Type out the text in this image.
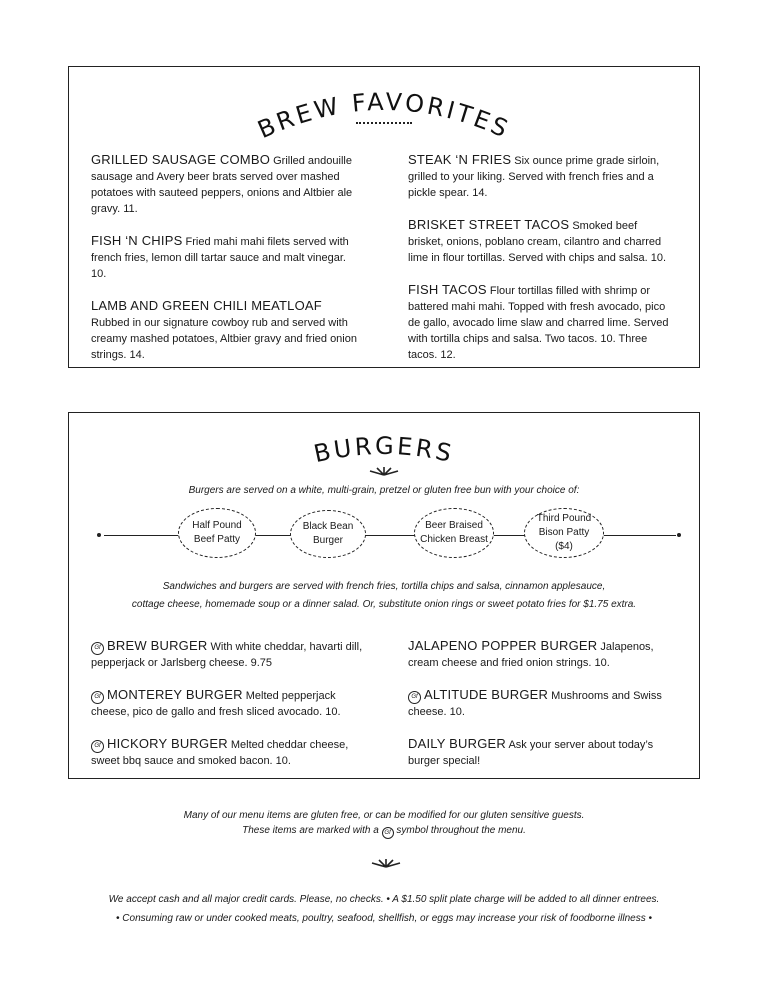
BREW FAVORITES
GRILLED SAUSAGE COMBO Grilled andouille sausage and Avery beer brats served over mashed potatoes with sauteed peppers, onions and Altbier ale gravy. 11.
FISH ‘N CHIPS Fried mahi mahi filets served with french fries, lemon dill tartar sauce and malt vinegar. 10.
LAMB AND GREEN CHILI MEATLOAF
Rubbed in our signature cowboy rub and served with creamy mashed potatoes, Altbier gravy and fried onion strings. 14.
STEAK ‘N FRIES Six ounce prime grade sirloin, grilled to your liking. Served with french fries and a pickle spear. 14.
BRISKET STREET TACOS Smoked beef brisket, onions, poblano cream, cilantro and charred lime in flour tortillas. Served with chips and salsa. 10.
FISH TACOS Flour tortillas filled with shrimp or battered mahi mahi. Topped with fresh avocado, pico de gallo, avocado lime slaw and charred lime. Served with tortilla chips and salsa. Two tacos. 10. Three tacos. 12.
BURGERS
Burgers are served on a white, multi-grain, pretzel or gluten free bun with your choice of:
Half Pound Beef Patty
Black Bean Burger
Beer Braised Chicken Breast
Third Pound Bison Patty ($4)
Sandwiches and burgers are served with french fries, tortilla chips and salsa, cinnamon applesauce,
cottage cheese, homemade soup or a dinner salad. Or, substitute onion rings or sweet potato fries for $1.75 extra.
Gf BREW BURGER With white cheddar, havarti dill, pepperjack or Jarlsberg cheese. 9.75
Gf MONTEREY BURGER Melted pepperjack cheese, pico de gallo and fresh sliced avocado. 10.
Gf HICKORY BURGER Melted cheddar cheese, sweet bbq sauce and smoked bacon. 10.
JALAPENO POPPER BURGER Jalapenos, cream cheese and fried onion strings. 10.
Gf ALTITUDE BURGER Mushrooms and Swiss cheese. 10.
DAILY BURGER Ask your server about today’s burger special!
Many of our menu items are gluten free, or can be modified for our gluten sensitive guests.
These items are marked with a Gf symbol throughout the menu.
We accept cash and all major credit cards. Please, no checks. • A $1.50 split plate charge will be added to all dinner entrees.
• Consuming raw or under cooked meats, poultry, seafood, shellfish, or eggs may increase your risk of foodborne illness •
